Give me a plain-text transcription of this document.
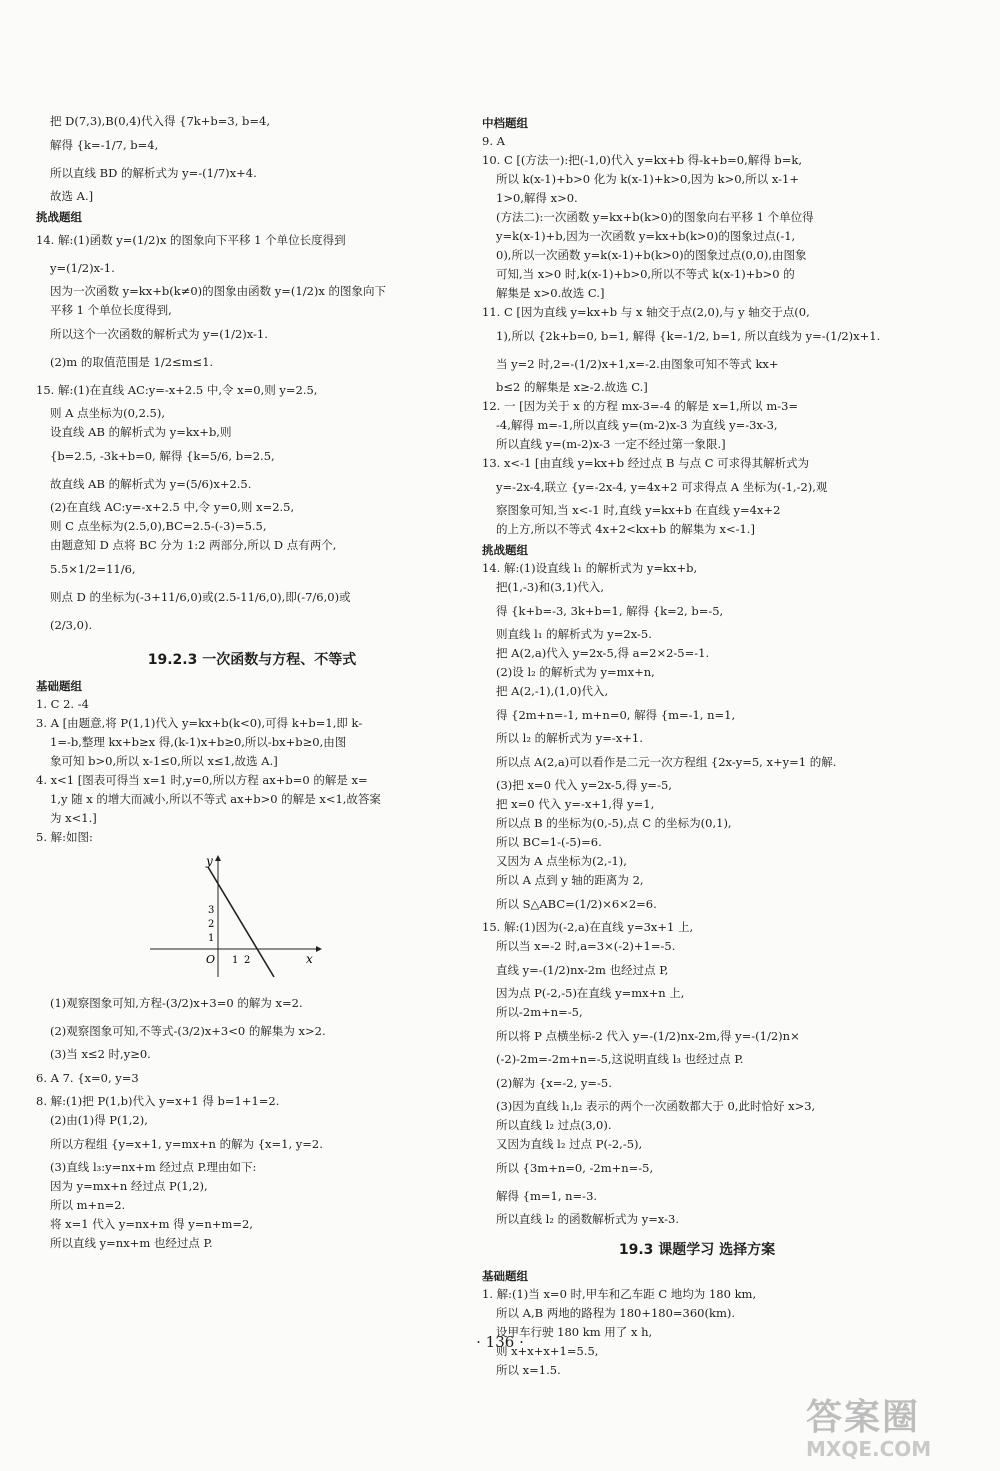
把 D(7,3),B(0,4)代入得 {7k+b=3, b=4,
解得 {k=-1/7, b=4,
所以直线 BD 的解析式为 y=-(1/7)x+4.
故选 A.]
挑战题组
14. 解:(1)函数 y=(1/2)x 的图象向下平移 1 个单位长度得到
y=(1/2)x-1.
因为一次函数 y=kx+b(k≠0)的图象由函数 y=(1/2)x 的图象向下
平移 1 个单位长度得到,
所以这个一次函数的解析式为 y=(1/2)x-1.
(2)m 的取值范围是 1/2≤m≤1.
15. 解:(1)在直线 AC:y=-x+2.5 中,令 x=0,则 y=2.5,
则 A 点坐标为(0,2.5),
设直线 AB 的解析式为 y=kx+b,则
{b=2.5, -3k+b=0, 解得 {k=5/6, b=2.5,
故直线 AB 的解析式为 y=(5/6)x+2.5.
(2)在直线 AC:y=-x+2.5 中,令 y=0,则 x=2.5,
则 C 点坐标为(2.5,0),BC=2.5-(-3)=5.5,
由题意知 D 点将 BC 分为 1:2 两部分,所以 D 点有两个,
5.5×1/2=11/6,
则点 D 的坐标为(-3+11/6,0)或(2.5-11/6,0),即(-7/6,0)或
(2/3,0).
19.2.3 一次函数与方程、不等式
基础题组
1. C 2. -4
3. A [由题意,将 P(1,1)代入 y=kx+b(k<0),可得 k+b=1,即 k-
1=-b,整理 kx+b≥x 得,(k-1)x+b≥0,所以-bx+b≥0,由图
象可知 b>0,所以 x-1≤0,所以 x≤1,故选 A.]
4. x<1 [图表可得当 x=1 时,y=0,所以方程 ax+b=0 的解是 x=
1,y 随 x 的增大而减小,所以不等式 ax+b>0 的解是 x<1,故答案
为 x<1.]
5. 解:如图:
y
x
O 1 2
1
2
3
(1)观察图象可知,方程-(3/2)x+3=0 的解为 x=2.
(2)观察图象可知,不等式-(3/2)x+3<0 的解集为 x>2.
(3)当 x≤2 时,y≥0.
6. A 7. {x=0, y=3
8. 解:(1)把 P(1,b)代入 y=x+1 得 b=1+1=2.
(2)由(1)得 P(1,2),
所以方程组 {y=x+1, y=mx+n 的解为 {x=1, y=2.
(3)直线 l₃:y=nx+m 经过点 P.理由如下:
因为 y=mx+n 经过点 P(1,2),
所以 m+n=2.
将 x=1 代入 y=nx+m 得 y=n+m=2,
所以直线 y=nx+m 也经过点 P.
中档题组
9. A
10. C [(方法一):把(-1,0)代入 y=kx+b 得-k+b=0,解得 b=k,
所以 k(x-1)+b>0 化为 k(x-1)+k>0,因为 k>0,所以 x-1+
1>0,解得 x>0.
(方法二):一次函数 y=kx+b(k>0)的图象向右平移 1 个单位得
y=k(x-1)+b,因为一次函数 y=kx+b(k>0)的图象过点(-1,
0),所以一次函数 y=k(x-1)+b(k>0)的图象过点(0,0),由图象
可知,当 x>0 时,k(x-1)+b>0,所以不等式 k(x-1)+b>0 的
解集是 x>0.故选 C.]
11. C [因为直线 y=kx+b 与 x 轴交于点(2,0),与 y 轴交于点(0,
1),所以 {2k+b=0, b=1, 解得 {k=-1/2, b=1, 所以直线为 y=-(1/2)x+1.
当 y=2 时,2=-(1/2)x+1,x=-2.由图象可知不等式 kx+
b≤2 的解集是 x≥-2.故选 C.]
12. 一 [因为关于 x 的方程 mx-3=-4 的解是 x=1,所以 m-3=
-4,解得 m=-1,所以直线 y=(m-2)x-3 为直线 y=-3x-3,
所以直线 y=(m-2)x-3 一定不经过第一象限.]
13. x<-1 [由直线 y=kx+b 经过点 B 与点 C 可求得其解析式为
y=-2x-4,联立 {y=-2x-4, y=4x+2 可求得点 A 坐标为(-1,-2),观
察图象可知,当 x<-1 时,直线 y=kx+b 在直线 y=4x+2
的上方,所以不等式 4x+2<kx+b 的解集为 x<-1.]
挑战题组
14. 解:(1)设直线 l₁ 的解析式为 y=kx+b,
把(1,-3)和(3,1)代入,
得 {k+b=-3, 3k+b=1, 解得 {k=2, b=-5,
则直线 l₁ 的解析式为 y=2x-5.
把 A(2,a)代入 y=2x-5,得 a=2×2-5=-1.
(2)设 l₂ 的解析式为 y=mx+n,
把 A(2,-1),(1,0)代入,
得 {2m+n=-1, m+n=0, 解得 {m=-1, n=1,
所以 l₂ 的解析式为 y=-x+1.
所以点 A(2,a)可以看作是二元一次方程组 {2x-y=5, x+y=1 的解.
(3)把 x=0 代入 y=2x-5,得 y=-5,
把 x=0 代入 y=-x+1,得 y=1,
所以点 B 的坐标为(0,-5),点 C 的坐标为(0,1),
所以 BC=1-(-5)=6.
又因为 A 点坐标为(2,-1),
所以 A 点到 y 轴的距离为 2,
所以 S△ABC=(1/2)×6×2=6.
15. 解:(1)因为(-2,a)在直线 y=3x+1 上,
所以当 x=-2 时,a=3×(-2)+1=-5.
直线 y=-(1/2)nx-2m 也经过点 P,
因为点 P(-2,-5)在直线 y=mx+n 上,
所以-2m+n=-5,
所以将 P 点横坐标-2 代入 y=-(1/2)nx-2m,得 y=-(1/2)n×
(-2)-2m=-2m+n=-5,这说明直线 l₃ 也经过点 P.
(2)解为 {x=-2, y=-5.
(3)因为直线 l₁,l₂ 表示的两个一次函数都大于 0,此时恰好 x>3,
所以直线 l₂ 过点(3,0).
又因为直线 l₂ 过点 P(-2,-5),
所以 {3m+n=0, -2m+n=-5,
解得 {m=1, n=-3.
所以直线 l₂ 的函数解析式为 y=x-3.
19.3 课题学习 选择方案
基础题组
1. 解:(1)当 x=0 时,甲车和乙车距 C 地均为 180 km,
所以 A,B 两地的路程为 180+180=360(km).
设甲车行驶 180 km 用了 x h,
则 x+x+x+1=5.5,
所以 x=1.5.
· 136 ·
答案圈
MXQE.COM
